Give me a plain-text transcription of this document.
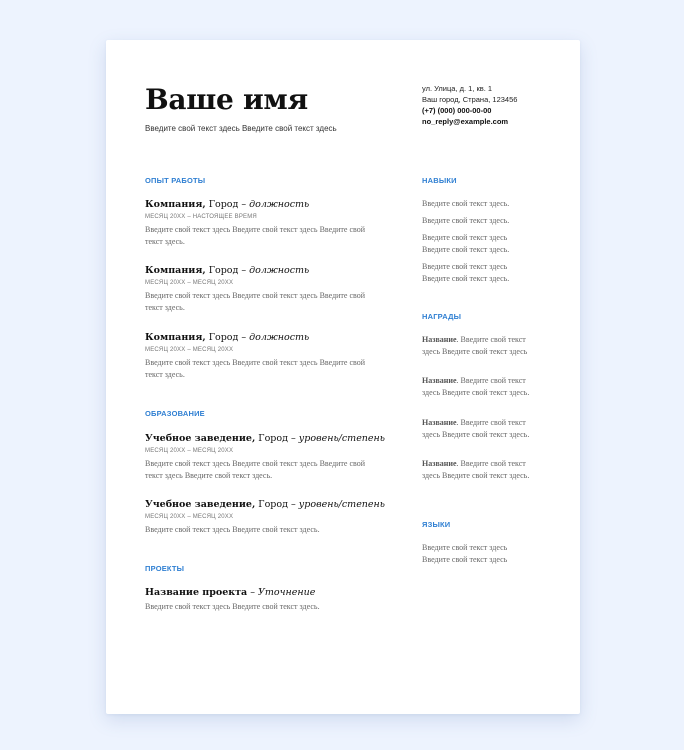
Ваше имя
Введите свой текст здесь Введите свой текст здесь
ул. Улица, д. 1, кв. 1
Ваш город, Страна, 123456
(+7) (000) 000-00-00
no_reply@example.com
ОПЫТ РАБОТЫ
Компания, Город – должность
МЕСЯЦ 20XX – НАСТОЯЩЕЕ ВРЕМЯ
Введите свой текст здесь Введите свой текст здесь Введите свой текст здесь.
Компания, Город – должность
МЕСЯЦ 20XX – МЕСЯЦ 20XX
Введите свой текст здесь Введите свой текст здесь Введите свой текст здесь.
Компания, Город – должность
МЕСЯЦ 20XX – МЕСЯЦ 20XX
Введите свой текст здесь Введите свой текст здесь Введите свой текст здесь.
ОБРАЗОВАНИЕ
Учебное заведение, Город – уровень/степень
МЕСЯЦ 20XX – МЕСЯЦ 20XX
Введите свой текст здесь Введите свой текст здесь Введите свой текст здесь Введите свой текст здесь.
Учебное заведение, Город – уровень/степень
МЕСЯЦ 20XX – МЕСЯЦ 20XX
Введите свой текст здесь Введите свой текст здесь.
ПРОЕКТЫ
Название проекта – Уточнение
Введите свой текст здесь Введите свой текст здесь.
НАВЫКИ
Введите свой текст здесь.
Введите свой текст здесь.
Введите свой текст здесь Введите свой текст здесь.
Введите свой текст здесь Введите свой текст здесь.
НАГРАДЫ
Название. Введите свой текст здесь Введите свой текст здесь
Название. Введите свой текст здесь Введите свой текст здесь.
Название. Введите свой текст здесь Введите свой текст здесь.
Название. Введите свой текст здесь Введите свой текст здесь.
ЯЗЫКИ
Введите свой текст здесь Введите свой текст здесь
